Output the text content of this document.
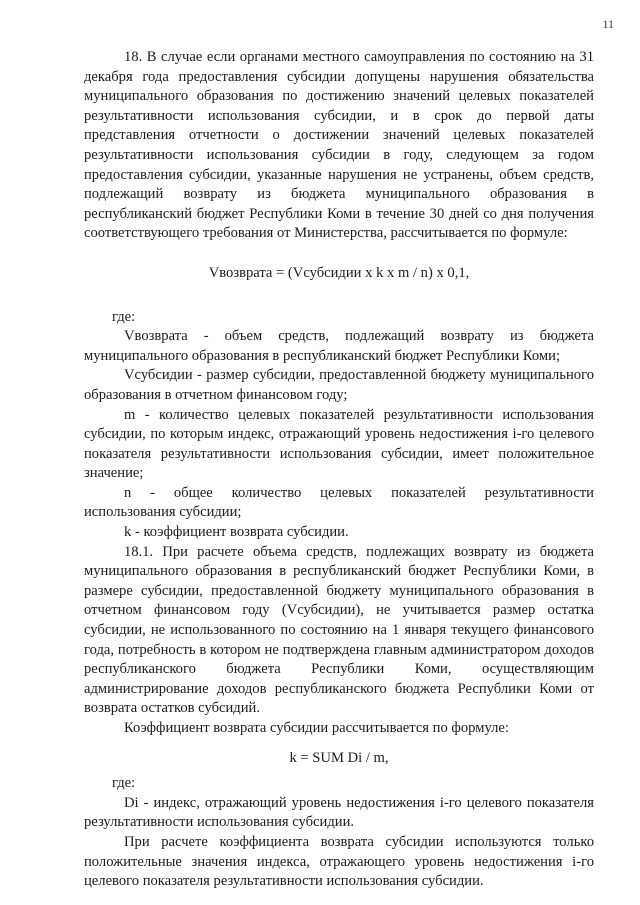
11

18. В случае если органами местного самоуправления по состоянию на 31 декабря года предоставления субсидии допущены нарушения обязательства муниципального образования по достижению значений целевых показателей результативности использования субсидии, и в срок до первой даты представления отчетности о достижении значений целевых показателей результативности использования субсидии в году, следующем за годом предоставления субсидии, указанные нарушения не устранены, объем средств, подлежащий возврату из бюджета муниципального образования в республиканский бюджет Республики Коми в течение 30 дней со дня получения соответствующего требования от Министерства, рассчитывается по формуле:

Vвозврата = (Vсубсидии x k x m / n) x 0,1,

где:

Vвозврата - объем средств, подлежащий возврату из бюджета муниципального образования в республиканский бюджет Республики Коми;

Vсубсидии - размер субсидии, предоставленной бюджету муниципального образования в отчетном финансовом году;

m - количество целевых показателей результативности использования субсидии, по которым индекс, отражающий уровень недостижения i-го целевого показателя результативности использования субсидии, имеет положительное значение;

n - общее количество целевых показателей результативности использования субсидии;

k - коэффициент возврата субсидии.

18.1. При расчете объема средств, подлежащих возврату из бюджета муниципального образования в республиканский бюджет Республики Коми, в размере субсидии, предоставленной бюджету муниципального образования в отчетном финансовом году (Vсубсидии), не учитывается размер остатка субсидии, не использованного по состоянию на 1 января текущего финансового года, потребность в котором не подтверждена главным администратором доходов республиканского бюджета Республики Коми, осуществляющим администрирование доходов республиканского бюджета Республики Коми от возврата остатков субсидий.

Коэффициент возврата субсидии рассчитывается по формуле:

k = SUM Di / m,

где:

Di - индекс, отражающий уровень недостижения i-го целевого показателя результативности использования субсидии.

При расчете коэффициента возврата субсидии используются только положительные значения индекса, отражающего уровень недостижения i-го целевого показателя результативности использования субсидии.
